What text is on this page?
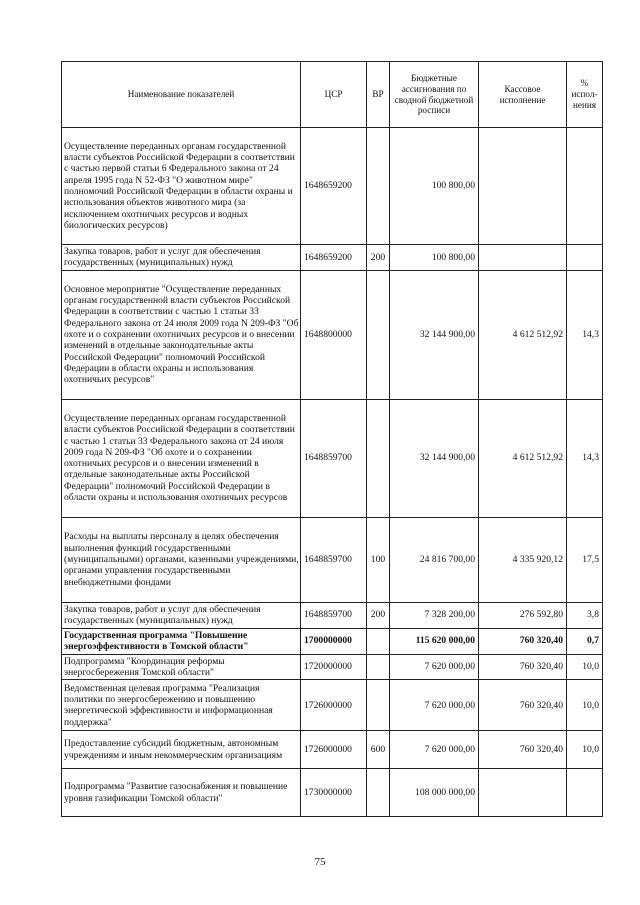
Наименование показателей	ЦСР	ВР	Бюджетные ассигнования по сводной бюджетной росписи	Кассовое исполнение	% испол-нения
Осуществление переданных органам государственной власти субъектов Российской Федерации в соответствии с частью первой статьи 6 Федерального закона от 24 апреля 1995 года N 52-ФЗ "О животном мире" полномочий Российской Федерации в области охраны и использования объектов животного мира (за исключением охотничьих ресурсов и водных биологических ресурсов)	1648659200		100 800,00		
Закупка товаров, работ и услуг для обеспечения государственных (муниципальных) нужд	1648659200	200	100 800,00		
Основное мероприятие "Осуществление переданных органам государственной власти субъектов Российской Федерации в соответствии с частью 1 статьи 33 Федерального закона от 24 июля 2009 года N 209-ФЗ "Об охоте и о сохранении охотничьих ресурсов и о внесении изменений в отдельные законодательные акты Российской Федерации" полномочий Российской Федерации в области охраны и использования охотничьих ресурсов"	1648800000		32 144 900,00	4 612 512,92	14,3
Осуществление переданных органам государственной власти субъектов Российской Федерации в соответствии с частью 1 статьи 33 Федерального закона от 24 июля 2009 года N 209-ФЗ "Об охоте и о сохранении охотничьих ресурсов и о внесении изменений в отдельные законодательные акты Российской Федерации" полномочий Российской Федерации в области охраны и использования охотничьих ресурсов	1648859700		32 144 900,00	4 612 512,92	14,3
Расходы на выплаты персоналу в целях обеспечения выполнения функций государственными (муниципальными) органами, казенными учреждениями, органами управления государственными внебюджетными фондами	1648859700	100	24 816 700,00	4 335 920,12	17,5
Закупка товаров, работ и услуг для обеспечения государственных (муниципальных) нужд	1648859700	200	7 328 200,00	276 592,80	3,8
Государственная программа "Повышение энергоэффективности в Томской области"	1700000000		115 620 000,00	760 320,40	0,7
Подпрограмма "Координация реформы энергосбережения Томской области"	1720000000		7 620 000,00	760 320,40	10,0
Ведомственная целевая программа "Реализация политики по энергосбережению и повышению энергетической эффективности и информационная поддержка"	1726000000		7 620 000,00	760 320,40	10,0
Предоставление субсидий бюджетным, автономным учреждениям и иным некоммерческим организациям	1726000000	600	7 620 000,00	760 320,40	10,0
Подпрограмма "Развитие газоснабжения и повышение уровня газификации Томской области"	1730000000		108 000 000,00		
75
